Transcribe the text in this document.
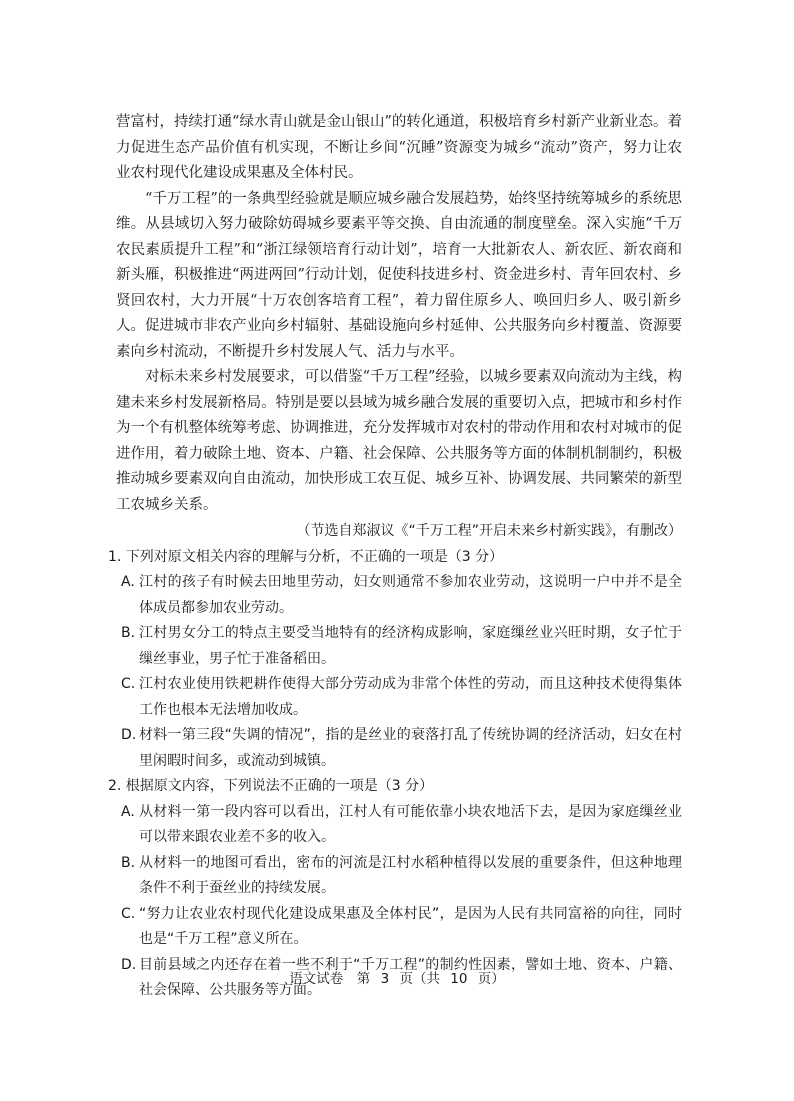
营富村，持续打通“绿水青山就是金山银山”的转化通道，积极培育乡村新产业新业态。着力促进生态产品价值有机实现，不断让乡间“沉睡”资源变为城乡“流动”资产，努力让农业农村现代化建设成果惠及全体村民。

“千万工程”的一条典型经验就是顺应城乡融合发展趋势，始终坚持统筹城乡的系统思维。从县域切入努力破除妨碍城乡要素平等交换、自由流通的制度壁垒。深入实施“千万农民素质提升工程”和“浙江绿领培育行动计划”，培育一大批新农人、新农匠、新农商和新头雁，积极推进“两进两回”行动计划，促使科技进乡村、资金进乡村、青年回农村、乡贤回农村，大力开展“十万农创客培育工程”，着力留住原乡人、唤回归乡人、吸引新乡人。促进城市非农产业向乡村辐射、基础设施向乡村延伸、公共服务向乡村覆盖、资源要素向乡村流动，不断提升乡村发展人气、活力与水平。

对标未来乡村发展要求，可以借鉴“千万工程”经验，以城乡要素双向流动为主线，构建未来乡村发展新格局。特别是要以县域为城乡融合发展的重要切入点，把城市和乡村作为一个有机整体统筹考虑、协调推进，充分发挥城市对农村的带动作用和农村对城市的促进作用，着力破除土地、资本、户籍、社会保障、公共服务等方面的体制机制制约，积极推动城乡要素双向自由流动，加快形成工农互促、城乡互补、协调发展、共同繁荣的新型工农城乡关系。

（节选自郑淑议《“千万工程”开启未来乡村新实践》，有删改）

1. 下列对原文相关内容的理解与分析，不正确的一项是（3 分）

A. 江村的孩子有时候去田地里劳动，妇女则通常不参加农业劳动，这说明一户中并不是全体成员都参加农业劳动。
B. 江村男女分工的特点主要受当地特有的经济构成影响，家庭缫丝业兴旺时期，女子忙于缫丝事业，男子忙于准备稻田。
C. 江村农业使用铁耙耕作使得大部分劳动成为非常个体性的劳动，而且这种技术使得集体工作也根本无法增加收成。
D. 材料一第三段“失调的情况”，指的是丝业的衰落打乱了传统协调的经济活动，妇女在村里闲暇时间多，或流动到城镇。

2. 根据原文内容，下列说法不正确的一项是（3 分）

A. 从材料一第一段内容可以看出，江村人有可能依靠小块农地活下去，是因为家庭缫丝业可以带来跟农业差不多的收入。
B. 从材料一的地图可看出，密布的河流是江村水稻种植得以发展的重要条件，但这种地理条件不利于蚕丝业的持续发展。
C. “努力让农业农村现代化建设成果惠及全体村民”，是因为人民有共同富裕的向往，同时也是“千万工程”意义所在。
D. 目前县域之内还存在着一些不利于“千万工程”的制约性因素，譬如土地、资本、户籍、社会保障、公共服务等方面。
语文试卷　第 3 页（共 10 页）
